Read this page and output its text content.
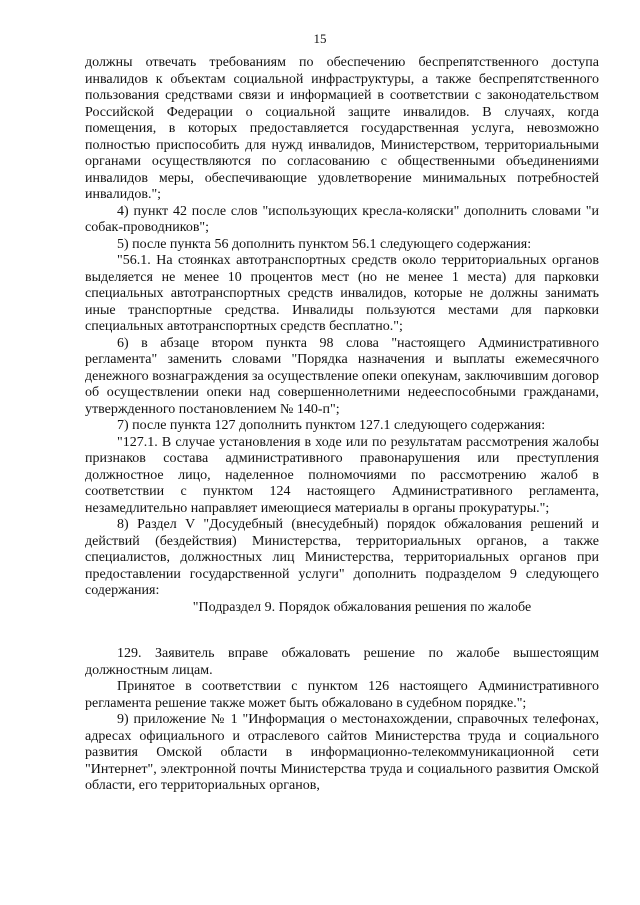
15

должны отвечать требованиям по обеспечению беспрепятственного доступа инвалидов к объектам социальной инфраструктуры, а также беспрепятственного пользования средствами связи и информацией в соответствии с законодательством Российской Федерации о социальной защите инвалидов. В случаях, когда помещения, в которых предоставляется государственная услуга, невозможно полностью приспособить для нужд инвалидов, Министерством, территориальными органами осуществляются по согласованию с общественными объединениями инвалидов меры, обеспечивающие удовлетворение минимальных потребностей инвалидов.";

4) пункт 42 после слов "использующих кресла-коляски" дополнить словами "и собак-проводников";

5) после пункта 56 дополнить пунктом 56.1 следующего содержания:

"56.1. На стоянках автотранспортных средств около территориальных органов выделяется не менее 10 процентов мест (но не менее 1 места) для парковки специальных автотранспортных средств инвалидов, которые не должны занимать иные транспортные средства. Инвалиды пользуются местами для парковки специальных автотранспортных средств бесплатно.";

6) в абзаце втором пункта 98 слова "настоящего Административного регламента" заменить словами "Порядка назначения и выплаты ежемесячного денежного вознаграждения за осуществление опеки опекунам, заключившим договор об осуществлении опеки над совершеннолетними недееспособными гражданами, утвержденного постановлением № 140-п";

7) после пункта 127 дополнить пунктом 127.1 следующего содержания:

"127.1. В случае установления в ходе или по результатам рассмотрения жалобы признаков состава административного правонарушения или преступления должностное лицо, наделенное полномочиями по рассмотрению жалоб в соответствии с пунктом 124 настоящего Административного регламента, незамедлительно направляет имеющиеся материалы в органы прокуратуры.";

8) Раздел V "Досудебный (внесудебный) порядок обжалования решений и действий (бездействия) Министерства, территориальных органов, а также специалистов, должностных лиц Министерства, территориальных органов при предоставлении государственной услуги" дополнить подразделом 9 следующего содержания:

"Подраздел 9. Порядок обжалования решения по жалобе

129. Заявитель вправе обжаловать решение по жалобе вышестоящим должностным лицам.

Принятое в соответствии с пунктом 126 настоящего Административного регламента решение также может быть обжаловано в судебном порядке.";

9) приложение № 1 "Информация о местонахождении, справочных телефонах, адресах официального и отраслевого сайтов Министерства труда и социального развития Омской области в информационно-телекоммуникационной сети "Интернет", электронной почты Министерства труда и социального развития Омской области, его территориальных органов,
